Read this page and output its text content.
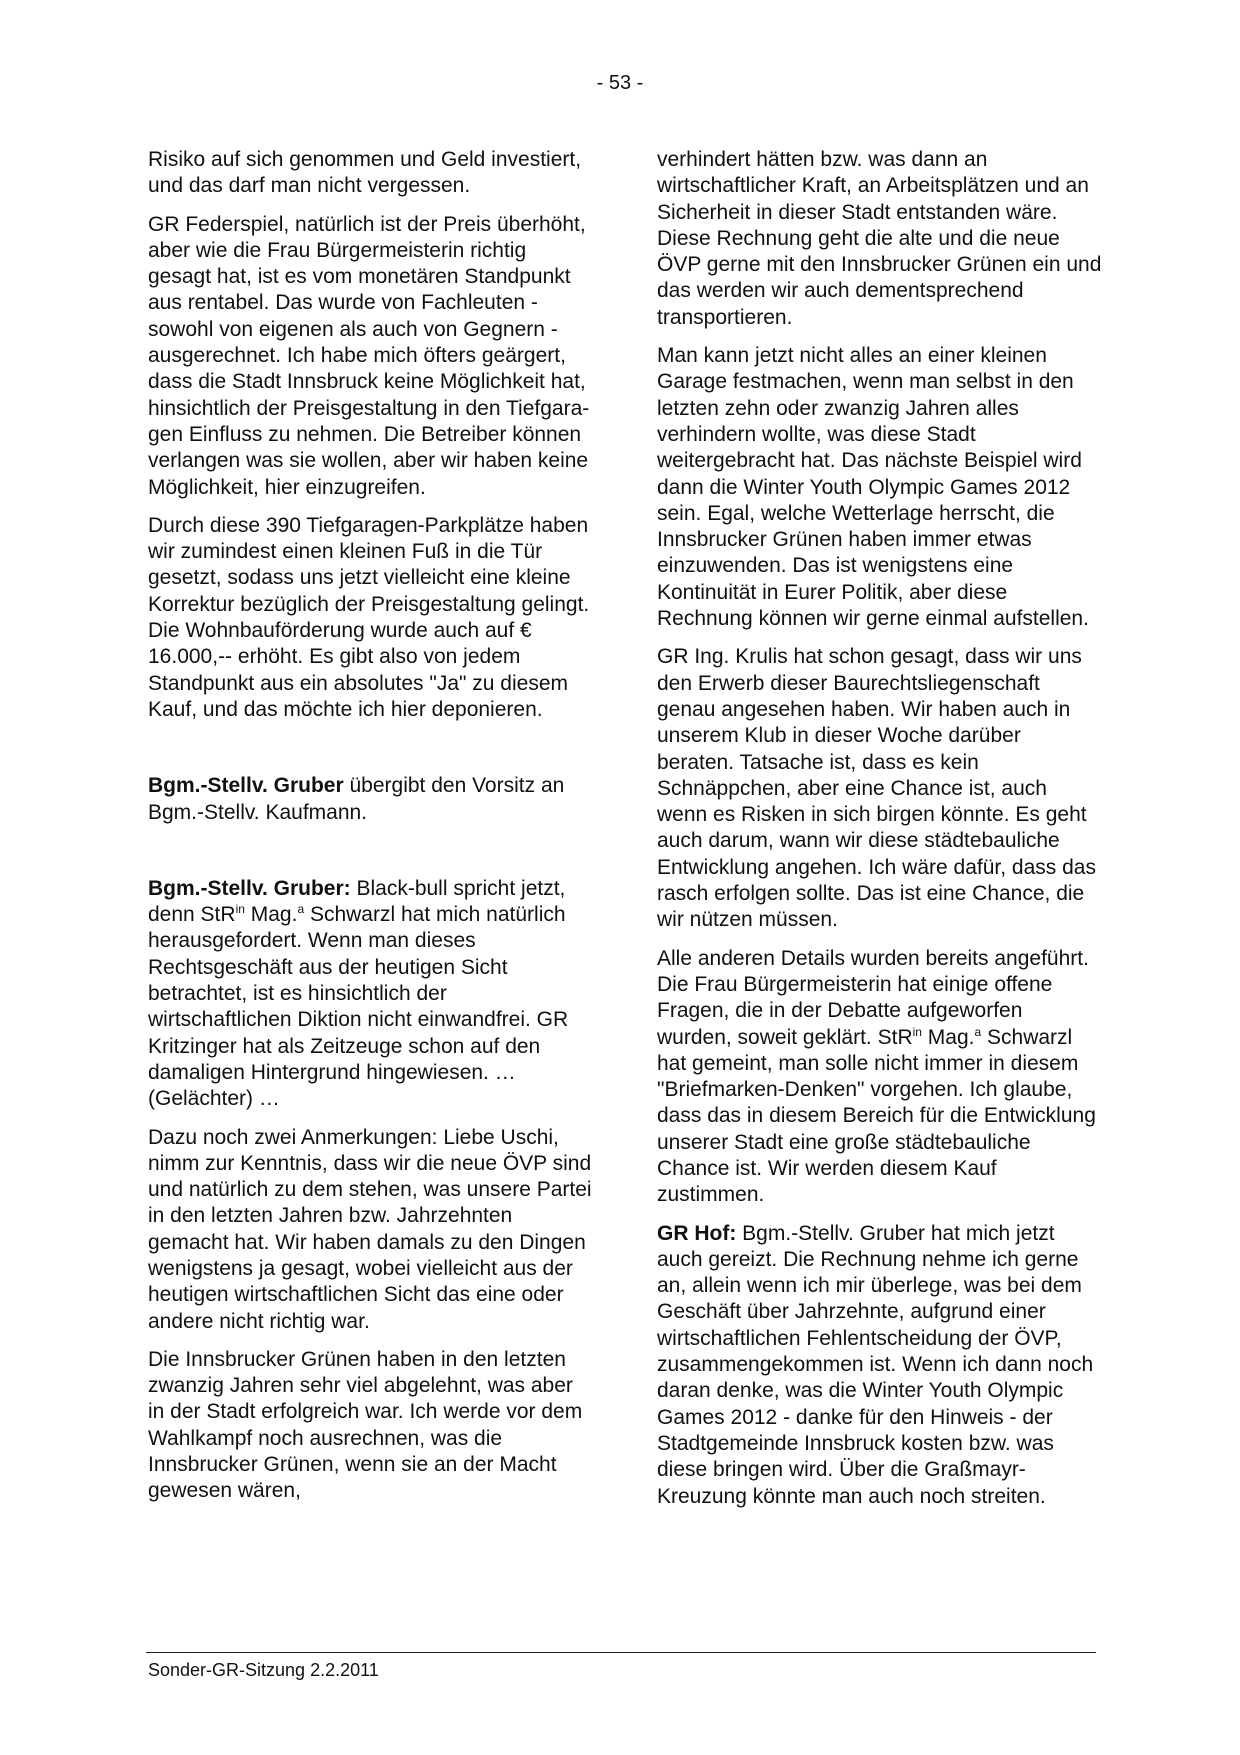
- 53 -

Risiko auf sich genommen und Geld investiert, und das darf man nicht vergessen.

GR Federspiel, natürlich ist der Preis überhöht, aber wie die Frau Bürgermeisterin richtig gesagt hat, ist es vom monetären Standpunkt aus rentabel. Das wurde von Fachleuten - sowohl von eigenen als auch von Gegnern - ausgerechnet. Ich habe mich öfters geärgert, dass die Stadt Innsbruck keine Möglichkeit hat, hinsichtlich der Preisgestaltung in den Tiefgaragen Einfluss zu nehmen. Die Betreiber können verlangen was sie wollen, aber wir haben keine Möglichkeit, hier einzugreifen.

Durch diese 390 Tiefgaragen-Parkplätze haben wir zumindest einen kleinen Fuß in die Tür gesetzt, sodass uns jetzt vielleicht eine kleine Korrektur bezüglich der Preisgestaltung gelingt. Die Wohnbauförderung wurde auch auf € 16.000,-- erhöht. Es gibt also von jedem Standpunkt aus ein absolutes "Ja" zu diesem Kauf, und das möchte ich hier deponieren.

Bgm.-Stellv. Gruber übergibt den Vorsitz an Bgm.-Stellv. Kaufmann.

Bgm.-Stellv. Gruber: Black-bull spricht jetzt, denn StR$^{in}$ Mag.$^a$ Schwarzl hat mich natürlich herausgefordert. Wenn man dieses Rechtsgeschäft aus der heutigen Sicht betrachtet, ist es hinsichtlich der wirtschaftlichen Diktion nicht einwandfrei. GR Kritzinger hat als Zeitzeuge schon auf den damaligen Hintergrund hingewiesen. … (Gelächter) …

Dazu noch zwei Anmerkungen: Liebe Uschi, nimm zur Kenntnis, dass wir die neue ÖVP sind und natürlich zu dem stehen, was unsere Partei in den letzten Jahren bzw. Jahrzehnten gemacht hat. Wir haben damals zu den Dingen wenigstens ja gesagt, wobei vielleicht aus der heutigen wirtschaftlichen Sicht das eine oder andere nicht richtig war.

Die Innsbrucker Grünen haben in den letzten zwanzig Jahren sehr viel abgelehnt, was aber in der Stadt erfolgreich war. Ich werde vor dem Wahlkampf noch ausrechnen, was die Innsbrucker Grünen, wenn sie an der Macht gewesen wären,

verhindert hätten bzw. was dann an wirtschaftlicher Kraft, an Arbeitsplätzen und an Sicherheit in dieser Stadt entstanden wäre. Diese Rechnung geht die alte und die neue ÖVP gerne mit den Innsbrucker Grünen ein und das werden wir auch dementsprechend transportieren.

Man kann jetzt nicht alles an einer kleinen Garage festmachen, wenn man selbst in den letzten zehn oder zwanzig Jahren alles verhindern wollte, was diese Stadt weitergebracht hat. Das nächste Beispiel wird dann die Winter Youth Olympic Games 2012 sein. Egal, welche Wetterlage herrscht, die Innsbrucker Grünen haben immer etwas einzuwenden. Das ist wenigstens eine Kontinuität in Eurer Politik, aber diese Rechnung können wir gerne einmal aufstellen.

GR Ing. Krulis hat schon gesagt, dass wir uns den Erwerb dieser Baurechtsliegenschaft genau angesehen haben. Wir haben auch in unserem Klub in dieser Woche darüber beraten. Tatsache ist, dass es kein Schnäppchen, aber eine Chance ist, auch wenn es Risken in sich birgen könnte. Es geht auch darum, wann wir diese städtebauliche Entwicklung angehen. Ich wäre dafür, dass das rasch erfolgen sollte. Das ist eine Chance, die wir nützen müssen.

Alle anderen Details wurden bereits angeführt. Die Frau Bürgermeisterin hat einige offene Fragen, die in der Debatte aufgeworfen wurden, soweit geklärt. StR$^{in}$ Mag.$^a$ Schwarzl hat gemeint, man solle nicht immer in diesem "Briefmarken-Denken" vorgehen. Ich glaube, dass das in diesem Bereich für die Entwicklung unserer Stadt eine große städtebauliche Chance ist. Wir werden diesem Kauf zustimmen.

GR Hof: Bgm.-Stellv. Gruber hat mich jetzt auch gereizt. Die Rechnung nehme ich gerne an, allein wenn ich mir überlege, was bei dem Geschäft über Jahrzehnte, aufgrund einer wirtschaftlichen Fehlentscheidung der ÖVP, zusammengekommen ist. Wenn ich dann noch daran denke, was die Winter Youth Olympic Games 2012 - danke für den Hinweis - der Stadtgemeinde Innsbruck kosten bzw. was diese bringen wird. Über die Graßmayr-Kreuzung könnte man auch noch streiten.

Sonder-GR-Sitzung 2.2.2011
